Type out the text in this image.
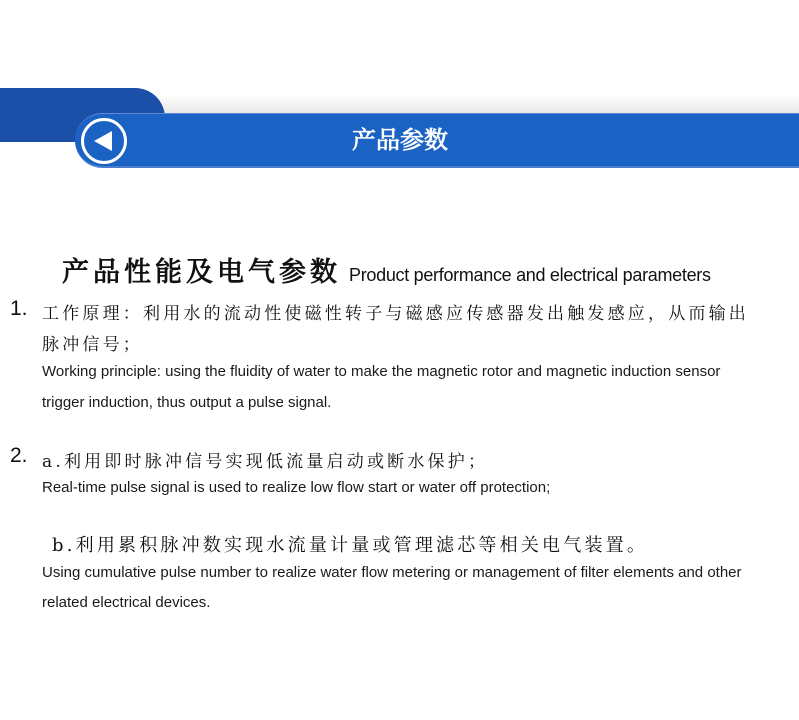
产品参数
产品性能及电气参数 Product performance and electrical parameters
1. 工作原理：利用水的流动性使磁性转子与磁感应传感器发出触发感应，从而输出
脉冲信号；
Working principle: using the fluidity of water to make the magnetic rotor and magnetic induction sensor
trigger induction, thus output a pulse signal.
2. a.利用即时脉冲信号实现低流量启动或断水保护；
Real-time pulse signal is used to realize low flow start or water off protection;
b.利用累积脉冲数实现水流量计量或管理滤芯等相关电气装置。
Using cumulative pulse number to realize water flow metering or management of filter elements and other
related electrical devices.
